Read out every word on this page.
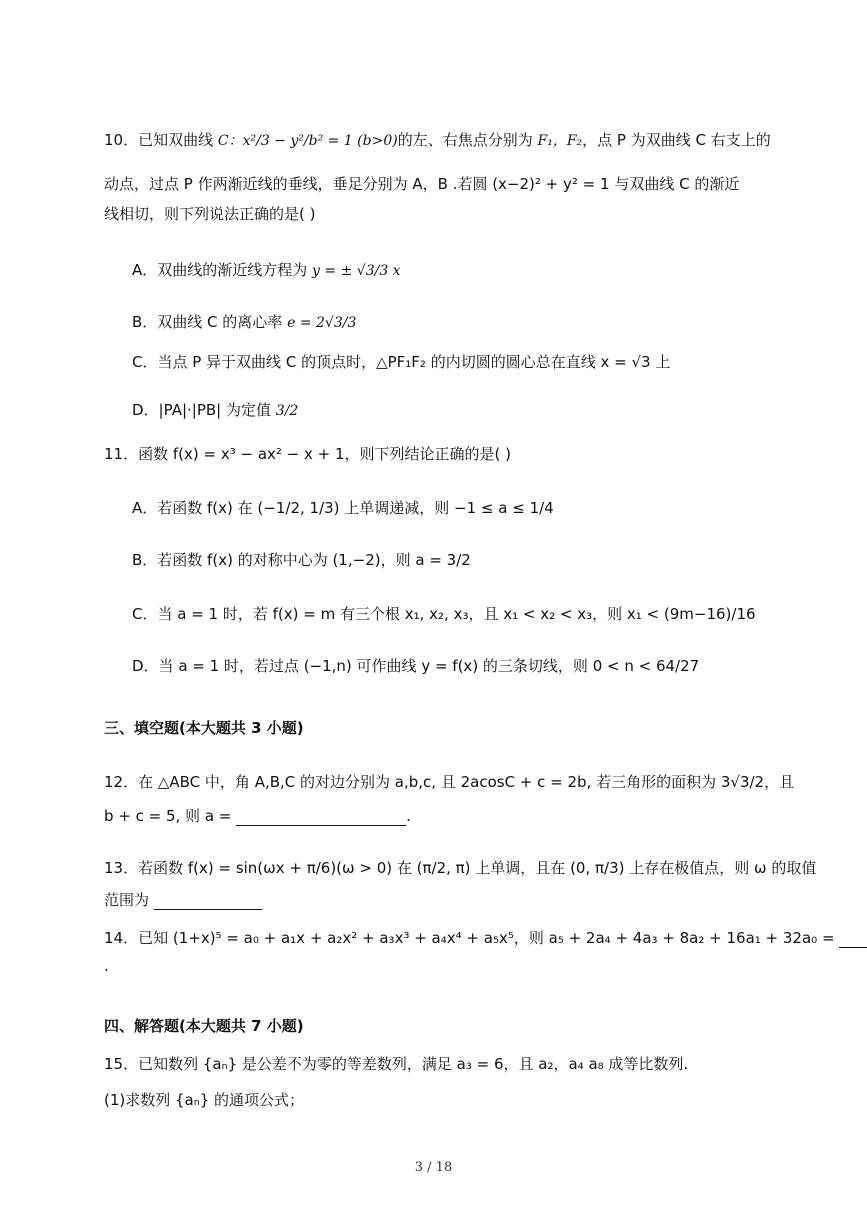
10．已知双曲线 C：x²/3 − y²/b² = 1 (b>0)的左、右焦点分别为 F₁，F₂，点 P 为双曲线 C 右支上的
动点，过点 P 作两渐近线的垂线，垂足分别为 A，B .若圆 (x−2)² + y² = 1 与双曲线 C 的渐近
线相切，则下列说法正确的是( )
A．双曲线的渐近线方程为 y = ± √3/3 x
B．双曲线 C 的离心率 e = 2√3/3
C．当点 P 异于双曲线 C 的顶点时，△PF₁F₂ 的内切圆的圆心总在直线 x = √3 上
D．|PA|·|PB| 为定值 3/2
11．函数 f(x) = x³ − ax² − x + 1，则下列结论正确的是( )
A．若函数 f(x) 在 (−1/2, 1/3) 上单调递减，则 −1 ≤ a ≤ 1/4
B．若函数 f(x) 的对称中心为 (1,−2)，则 a = 3/2
C．当 a = 1 时，若 f(x) = m 有三个根 x₁, x₂, x₃，且 x₁ < x₂ < x₃，则 x₁ < (9m−16)/16
D．当 a = 1 时，若过点 (−1,n) 可作曲线 y = f(x) 的三条切线，则 0 < n < 64/27
三、填空题(本大题共 3 小题)
12．在 △ABC 中，角 A,B,C 的对边分别为 a,b,c, 且 2acosC + c = 2b, 若三角形的面积为 3√3/2，且
b + c = 5, 则 a =	.
13．若函数 f(x) = sin(ωx + π/6)(ω > 0) 在 (π/2, π) 上单调，且在 (0, π/3) 上存在极值点，则 ω 的取值
范围为
14．已知 (1+x)⁵ = a₀ + a₁x + a₂x² + a₃x³ + a₄x⁴ + a₅x⁵，则 a₅ + 2a₄ + 4a₃ + 8a₂ + 16a₁ + 32a₀ =
.
四、解答题(本大题共 7 小题)
15．已知数列 {aₙ} 是公差不为零的等差数列，满足 a₃ = 6，且 a₂，a₄ a₈ 成等比数列.
(1)求数列 {aₙ} 的通项公式；
3 / 18
